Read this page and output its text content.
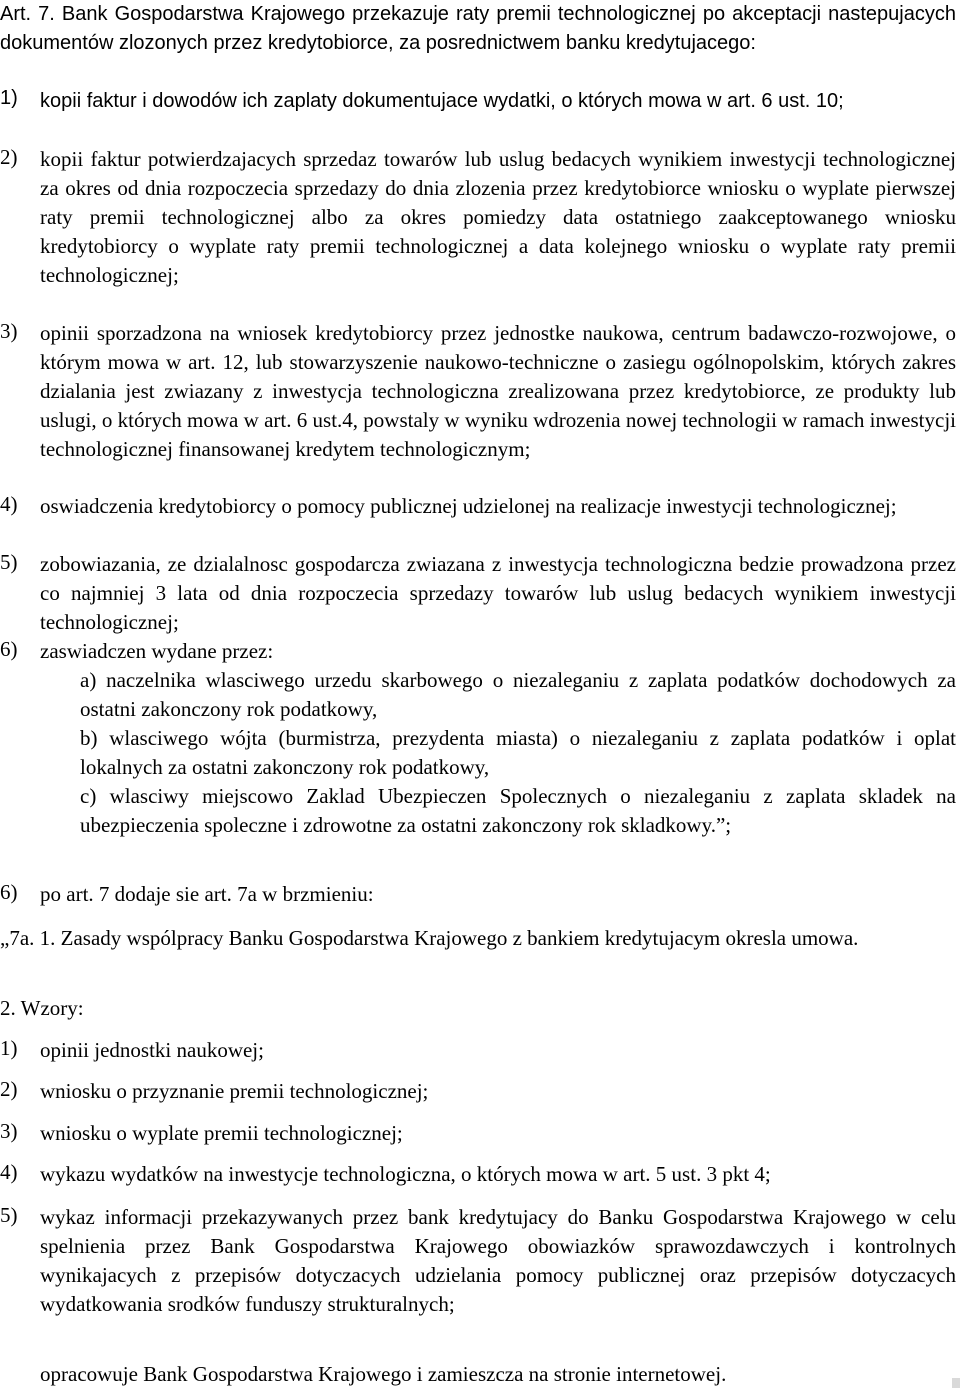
Art. 7. Bank Gospodarstwa Krajowego przekazuje raty premii technologicznej po akceptacji nastepujacych dokumentów zlozonych przez kredytobiorce, za posrednictwem banku kredytujacego:

1)	kopii faktur i dowodów ich zaplaty dokumentujace wydatki, o których mowa w art. 6 ust. 10;
2)	kopii faktur potwierdzajacych sprzedaz towarów lub uslug bedacych wynikiem inwestycji technologicznej za okres od dnia rozpoczecia sprzedazy do dnia zlozenia przez kredytobiorce wniosku o wyplate pierwszej raty premii technologicznej albo za okres pomiedzy data ostatniego zaakceptowanego wniosku kredytobiorcy o wyplate raty premii technologicznej a data kolejnego wniosku o wyplate raty premii technologicznej;
3)	opinii sporzadzona na wniosek kredytobiorcy przez jednostke naukowa, centrum badawczo-rozwojowe, o którym mowa w art. 12, lub stowarzyszenie naukowo-techniczne o zasiegu ogólnopolskim, których zakres dzialania jest zwiazany z inwestycja technologiczna zrealizowana przez kredytobiorce, ze produkty lub uslugi, o których mowa w art. 6 ust.4, powstaly w wyniku wdrozenia nowej technologii w ramach inwestycji technologicznej finansowanej kredytem technologicznym;
4)	oswiadczenia kredytobiorcy o pomocy publicznej udzielonej na realizacje inwestycji technologicznej;
5)	zobowiazania, ze dzialalnosc gospodarcza zwiazana z inwestycja technologiczna bedzie prowadzona przez co najmniej 3 lata od dnia rozpoczecia sprzedazy towarów lub uslug bedacych wynikiem inwestycji technologicznej;
6)	zaswiadczen wydane przez:
a) naczelnika wlasciwego urzedu skarbowego o niezaleganiu z zaplata podatków dochodowych za ostatni zakonczony rok podatkowy,
b) wlasciwego wójta (burmistrza, prezydenta miasta) o niezaleganiu z zaplata podatków i oplat lokalnych za ostatni zakonczony rok podatkowy,
c) wlasciwy miejscowo Zaklad Ubezpieczen Spolecznych o niezaleganiu z zaplata skladek na ubezpieczenia spoleczne i zdrowotne za ostatni zakonczony rok skladkowy.”;
6)	po art. 7 dodaje sie art. 7a w brzmieniu:
„7a. 1. Zasady wspólpracy Banku Gospodarstwa Krajowego z bankiem kredytujacym okresla umowa.
2. Wzory:
1)	opinii jednostki naukowej;
2)	wniosku o przyznanie premii technologicznej;
3)	wniosku o wyplate premii technologicznej;
4)	wykazu wydatków na inwestycje technologiczna, o których mowa w art. 5 ust. 3 pkt 4;
5)	wykaz informacji przekazywanych przez bank kredytujacy do Banku Gospodarstwa Krajowego w celu spelnienia przez Bank Gospodarstwa Krajowego obowiazków sprawozdawczych i kontrolnych wynikajacych z przepisów dotyczacych udzielania pomocy publicznej oraz przepisów dotyczacych wydatkowania srodków funduszy strukturalnych;
opracowuje Bank Gospodarstwa Krajowego i zamieszcza na stronie internetowej.
